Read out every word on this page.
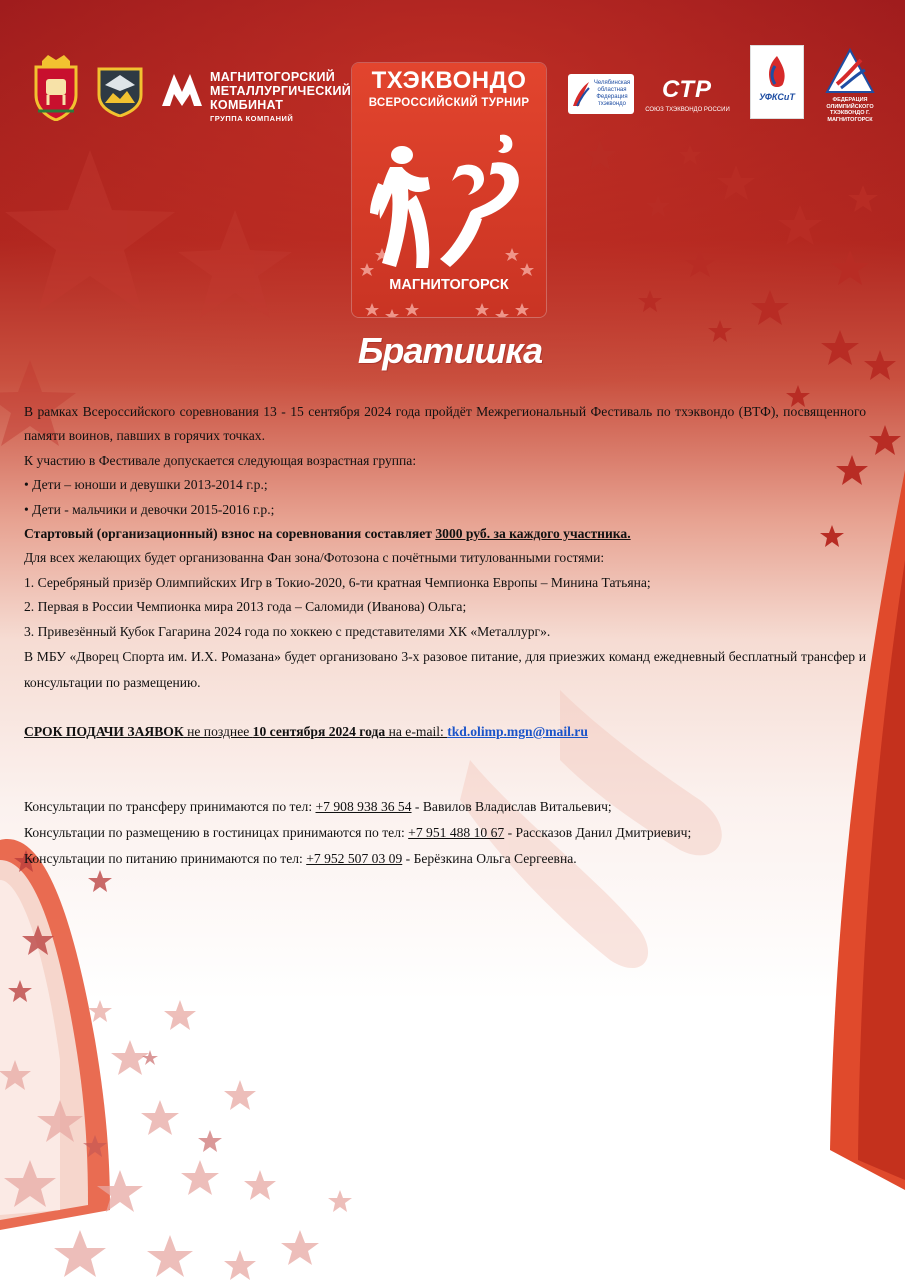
МАГНИТОГОРСКИЙ
МЕТАЛЛУРГИЧЕСКИЙ
КОМБИНАТ
ГРУППА КОМПАНИЙ
ТХЭКВОНДО
ВСЕРОССИЙСКИЙ ТУРНИР
МАГНИТОГОРСК
Челябинская
областная
Федерация
тхэквондо
СТР
СОЮЗ ТХЭКВОНДО РОССИИ
УФКСиТ	ФЕДЕРАЦИЯ ОЛИМПИЙСКОГО
ТХЭКВОНДО Г. МАГНИТОГОРСК
Братишка

В рамках Всероссийского соревнования 13 - 15 сентября 2024 года пройдёт Межрегиональный Фестиваль по тхэквондо (ВТФ), посвященного памяти воинов, павших в горячих точках.

К участию в Фестивале допускается следующая возрастная группа:

• Дети – юноши и девушки 2013-2014 г.р.;

• Дети - мальчики и девочки 2015-2016 г.р.;

Стартовый (организационный) взнос на соревнования составляет 3000 руб. за каждого участника.

Для всех желающих будет организованна Фан зона/Фотозона с почётными титулованными гостями:

1. Серебряный призёр Олимпийских Игр в Токио-2020, 6-ти кратная Чемпионка Европы – Минина Татьяна;

2. Первая в России Чемпионка мира 2013 года – Саломиди (Иванова) Ольга;

3. Привезённый Кубок Гагарина 2024 года по хоккею с представителями ХК «Металлург».

В МБУ «Дворец Спорта им. И.Х. Ромазана» будет организовано 3-х разовое питание, для приезжих команд ежедневный бесплатный трансфер и консультации по размещению.

СРОК ПОДАЧИ ЗАЯВОК не позднее 10 сентября 2024 года на e-mail: tkd.olimp.mgn@mail.ru

Консультации по трансферу принимаются по тел: +7 908 938 36 54 - Вавилов Владислав Витальевич;

Консультации по размещению в гостиницах принимаются по тел: +7 951 488 10 67 - Рассказов Данил Дмитриевич;

Консультации по питанию принимаются по тел: +7 952 507 03 09 - Берёзкина Ольга Сергеевна.
